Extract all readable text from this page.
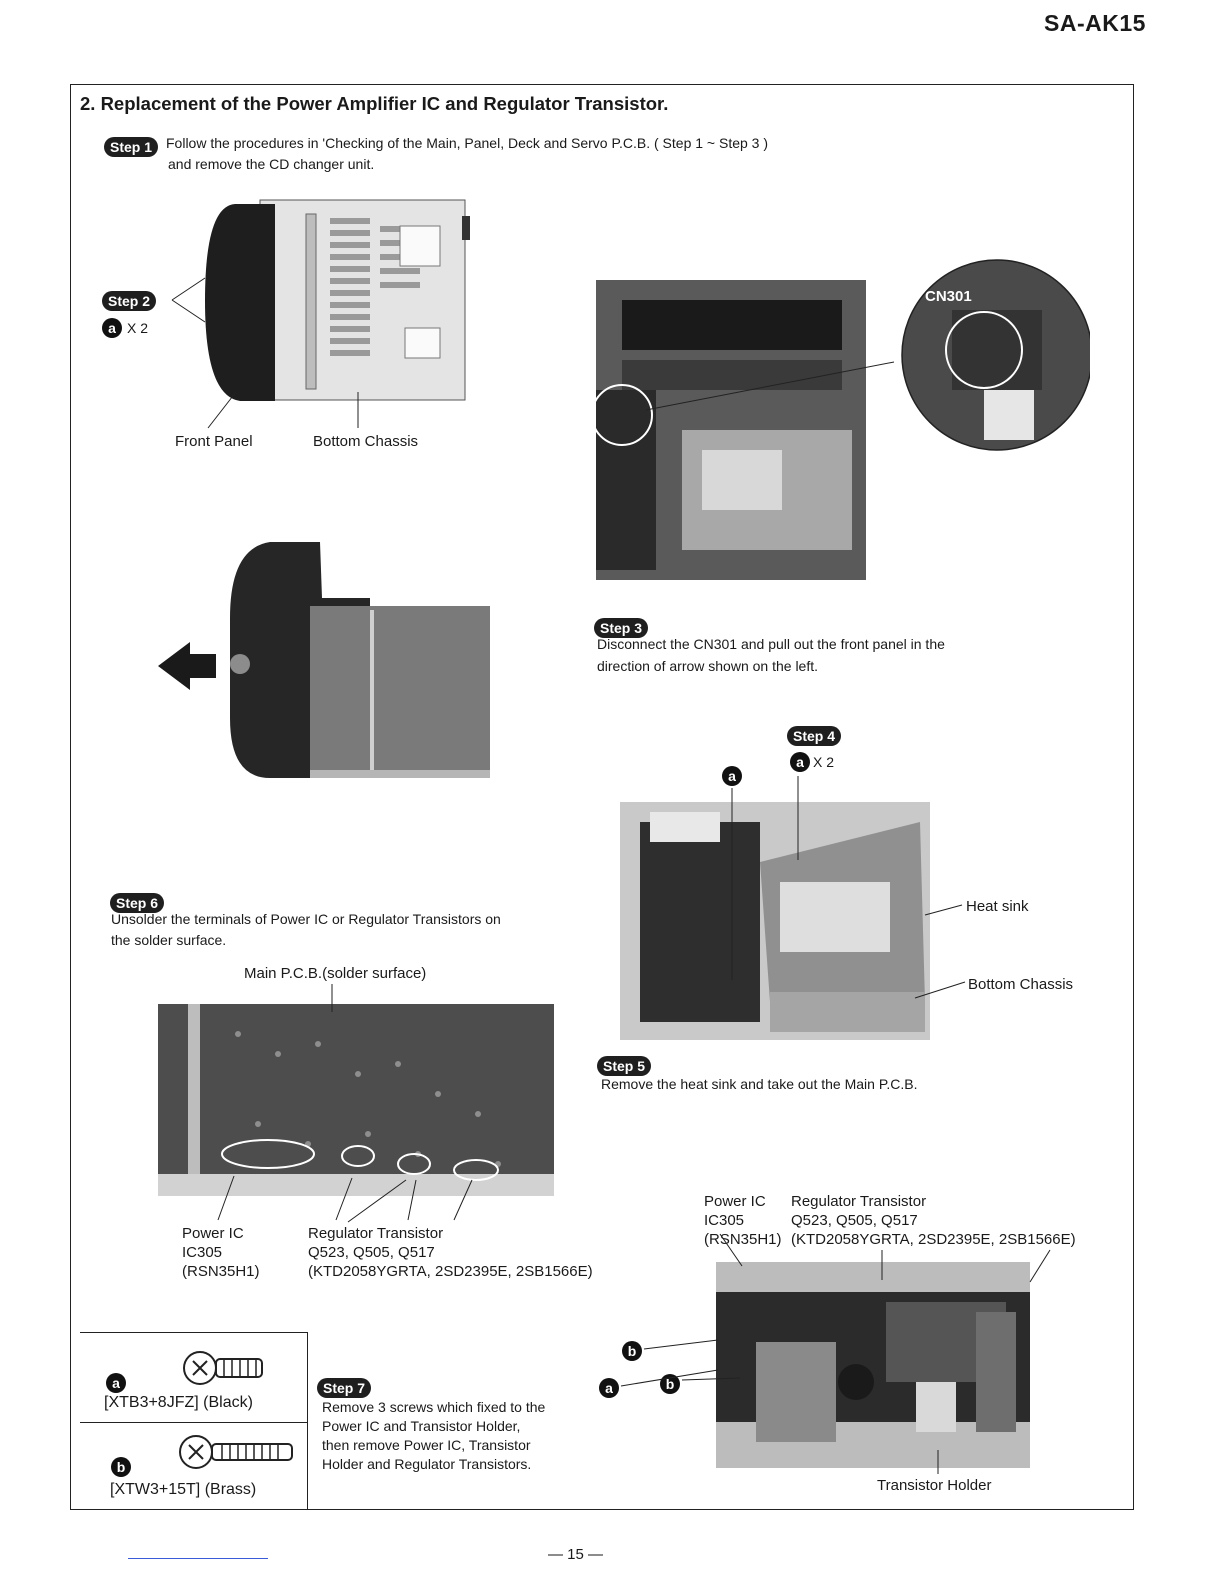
SA-AK15
2. Replacement of the Power Amplifier IC and Regulator Transistor.
Step 1 Follow the procedures in 'Checking of the Main, Panel, Deck and Servo P.C.B. ( Step 1 ~ Step 3 )
and remove the CD changer unit.
Step 2
a X 2
Front Panel	Bottom Chassis
CN301
Step 3
Disconnect the CN301 and pull out the front panel in the
direction of arrow shown on the left.
Step 4
a X 2
a
Heat sink
Bottom Chassis
Step 6
Unsolder the terminals of Power IC or Regulator Transistors on
the solder surface.
Main P.C.B.(solder surface)
Step 5
Remove the heat sink and take out the Main P.C.B.
Power IC
IC305
(RSN35H1)
Regulator Transistor
Q523, Q505, Q517
(KTD2058YGRTA, 2SD2395E, 2SB1566E)
Power IC
IC305
(RSN35H1)
Regulator Transistor
Q523, Q505, Q517
(KTD2058YGRTA, 2SD2395E, 2SB1566E)
b
a	b
Transistor Holder
Step 7
Remove 3 screws which fixed to the
Power IC and Transistor Holder,
then remove Power IC, Transistor
Holder and Regulator Transistors.
a
[XTB3+8JFZ] (Black)
b
[XTW3+15T] (Brass)
— 15 —
